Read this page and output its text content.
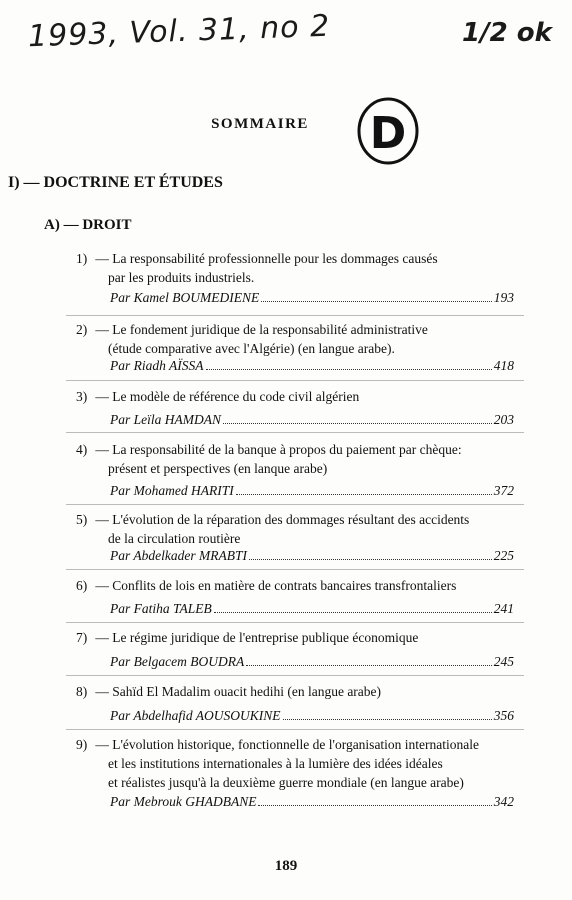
1993, Vol. 31, no 2	1/2 ok
D
SOMMAIRE
I) — DOCTRINE ET ÉTUDES
A) — DROIT
1) — La responsabilité professionnelle pour les dommages causés
par les produits industriels.
Par Kamel BOUMEDIENE	193
2) — Le fondement juridique de la responsabilité administrative
(étude comparative avec l'Algérie) (en langue arabe).
Par Riadh AÏSSA	418
3) — Le modèle de référence du code civil algérien
Par Leïla HAMDAN	203
4) — La responsabilité de la banque à propos du paiement par chèque:
présent et perspectives (en lanque arabe)
Par Mohamed HARITI	372
5) — L'évolution de la réparation des dommages résultant des accidents
de la circulation routière
Par Abdelkader MRABTI	225
6) — Conflits de lois en matière de contrats bancaires transfrontaliers
Par Fatiha TALEB	241
7) — Le régime juridique de l'entreprise publique économique
Par Belgacem BOUDRA	245
8) — Sahïd El Madalim ouacit hedihi (en langue arabe)
Par Abdelhafid AOUSOUKINE	356
9) — L'évolution historique, fonctionnelle de l'organisation internationale
et les institutions internationales à la lumière des idées idéales
et réalistes jusqu'à la deuxième guerre mondiale (en langue arabe)
Par Mebrouk GHADBANE	342
189
